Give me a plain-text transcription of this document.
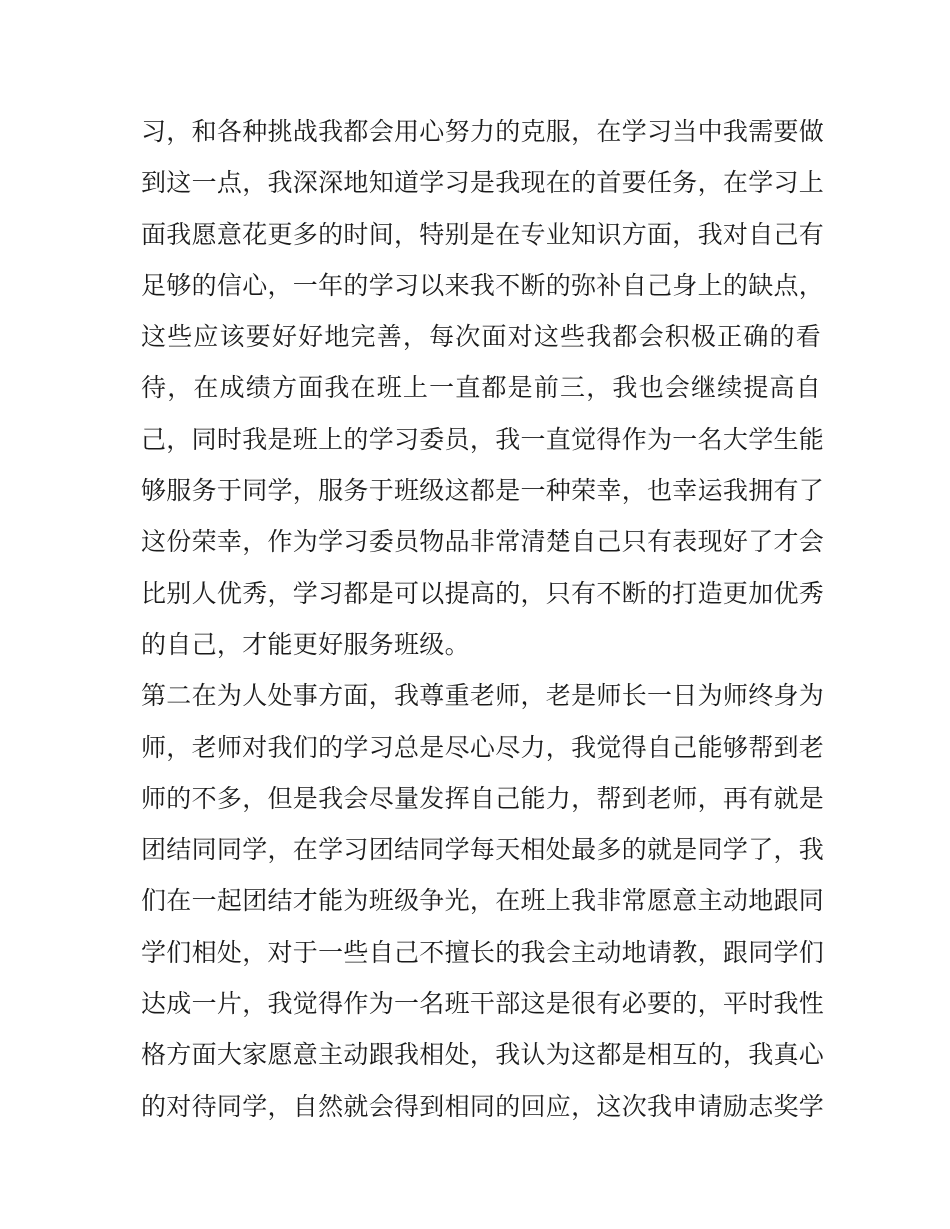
习，和各种挑战我都会用心努力的克服，在学习当中我需要做
到这一点，我深深地知道学习是我现在的首要任务，在学习上
面我愿意花更多的时间，特别是在专业知识方面，我对自己有
足够的信心，一年的学习以来我不断的弥补自己身上的缺点，
这些应该要好好地完善，每次面对这些我都会积极正确的看
待，在成绩方面我在班上一直都是前三，我也会继续提高自
己，同时我是班上的学习委员，我一直觉得作为一名大学生能
够服务于同学，服务于班级这都是一种荣幸，也幸运我拥有了
这份荣幸，作为学习委员物品非常清楚自己只有表现好了才会
比别人优秀，学习都是可以提高的，只有不断的打造更加优秀
的自己，才能更好服务班级。
第二在为人处事方面，我尊重老师，老是师长一日为师终身为
师，老师对我们的学习总是尽心尽力，我觉得自己能够帮到老
师的不多，但是我会尽量发挥自己能力，帮到老师，再有就是
团结同同学，在学习团结同学每天相处最多的就是同学了，我
们在一起团结才能为班级争光，在班上我非常愿意主动地跟同
学们相处，对于一些自己不擅长的我会主动地请教，跟同学们
达成一片，我觉得作为一名班干部这是很有必要的，平时我性
格方面大家愿意主动跟我相处，我认为这都是相互的，我真心
的对待同学，自然就会得到相同的回应，这次我申请励志奖学
